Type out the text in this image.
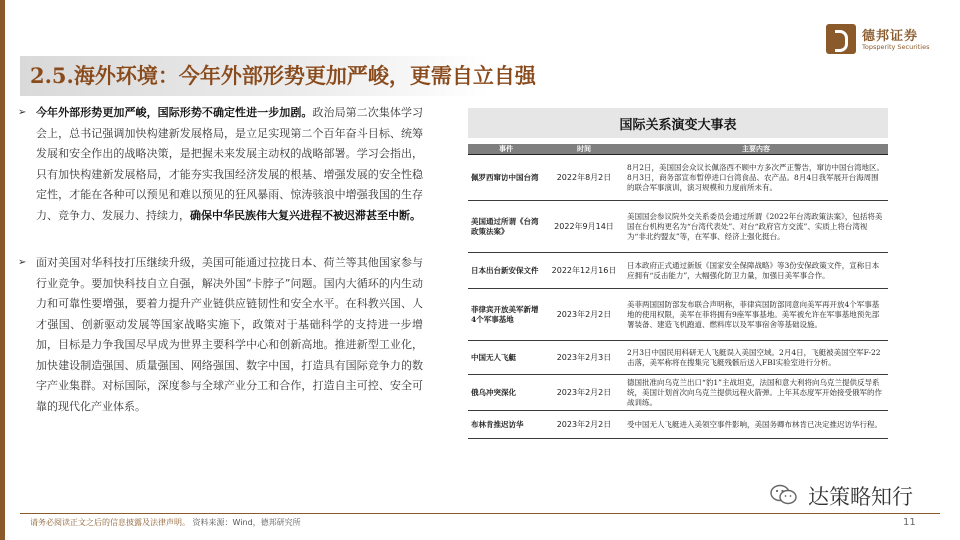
2.5.海外环境：今年外部形势更加严峻，更需自立自强
德邦证券
Topsperity Securities
➢ 今年外部形势更加严峻，国际形势不确定性进一步加剧。政治局第二次集体学习会上，总书记强调加快构建新发展格局，是立足实现第二个百年奋斗目标、统筹发展和安全作出的战略决策，是把握未来发展主动权的战略部署。学习会指出，只有加快构建新发展格局，才能夯实我国经济发展的根基、增强发展的安全性稳定性，才能在各种可以预见和难以预见的狂风暴雨、惊涛骇浪中增强我国的生存力、竞争力、发展力、持续力，确保中华民族伟大复兴进程不被迟滞甚至中断。
➢ 面对美国对华科技打压继续升级，美国可能通过拉拢日本、荷兰等其他国家参与行业竞争。要加快科技自立自强，解决外国“卡脖子”问题。国内大循环的内生动力和可靠性要增强，要着力提升产业链供应链韧性和安全水平。在科教兴国、人才强国、创新驱动发展等国家战略实施下，政策对于基础科学的支持进一步增加，目标是力争我国尽早成为世界主要科学中心和创新高地。推进新型工业化，加快建设制造强国、质量强国、网络强国、数字中国，打造具有国际竞争力的数字产业集群。对标国际，深度参与全球产业分工和合作，打造自主可控、安全可靠的现代化产业体系。
国际关系演变大事表
事件	时间	主要内容
佩罗西窜访中国台湾	2022年8月2日	8月2日，美国国会众议长佩洛西不顾中方多次严正警告，窜访中国台湾地区。8月3日，商务部宣布暂停进口台湾食品、农产品。8月4日我军展开台海周围的联合军事演训，演习规模和力度前所未有。
美国通过所谓《台湾政策法案》	2022年9月14日	美国国会参议院外交关系委员会通过所谓《2022年台湾政策法案》，包括将美国在台机构更名为“台湾代表处”、对台“政府官方交流”、实质上将台湾视为“非北约盟友”等，在军事、经济上强化挺台。
日本出台新安保文件	2022年12月16日	日本政府正式通过新版《国家安全保障战略》等3份安保政策文件，宣称日本应拥有“反击能力”，大幅强化防卫力量，加强日美军事合作。
菲律宾开放美军新增4个军事基地	2023年2月2日	美菲两国国防部发布联合声明称，菲律宾国防部同意向美军再开放4个军事基地的使用权限，美军在菲将拥有9座军事基地。美军被允许在军事基地预先部署装备、建造飞机跑道、燃料库以及军事宿舍等基础设施。
中国无人飞艇	2023年2月3日	2月3日中国民用科研无人飞艇误入美国空域。2月4日，飞艇被美国空军F-22击落，美军称将在搜集完飞艇残骸后送入FBI实验室进行分析。
俄乌冲突深化	2023年2月2日	德国批准向乌克兰出口“豹1”主战坦克，法国和意大利将向乌克兰提供反导系统，美国计划首次向乌克兰提供远程火箭弹。上年其态度军开始接受俄军的作战训练。
布林肯推迟访华	2023年2月2日	受中国无人飞艇进入美领空事件影响，美国务卿布林肯已决定推迟访华行程。
达策略知行
请务必阅读正文之后的信息披露及法律声明。 资料来源：Wind，德邦研究所	11
